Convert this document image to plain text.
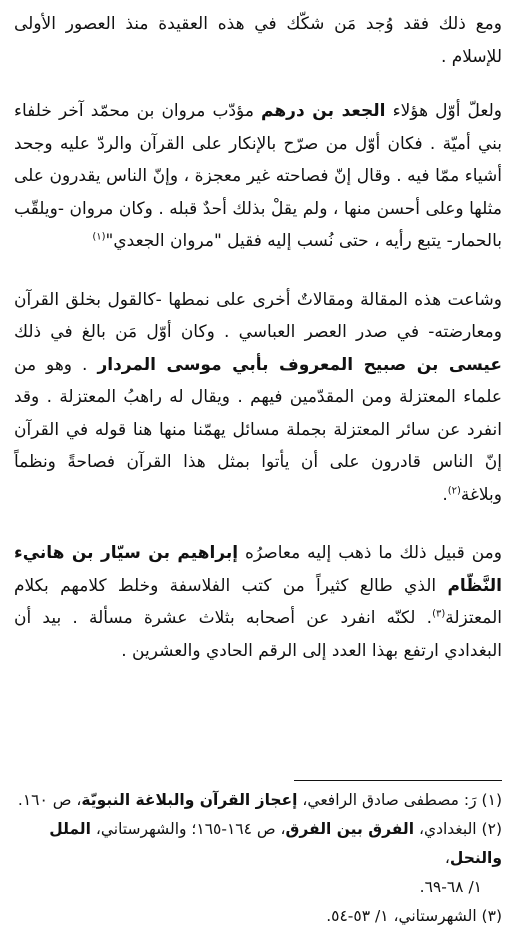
ومع ذلك فقد وُجد مَن شكّك في هذه العقيدة منذ العصور الأولى للإسلام .

ولعلّ أوّل هؤلاء الجعد بن درهم مؤدّب مروان بن محمّد آخر خلفاء بني أميّة . فكان أوّل من صرّح بالإنكار على القرآن والردّ عليه وجحد أشياء ممّا فيه . وقال إنّ فصاحته غير معجزة ، وإنّ الناس يقدرون على مثلها وعلى أحسن منها ، ولم يقلْ بذلك أحدٌ قبله . وكان مروان -ويلقّب بالحمار- يتبع رأيه ، حتى نُسب إليه فقيل "مروان الجعدي"$^{(١)}$

وشاعت هذه المقالة ومقالاتٌ أخرى على نمطها -كالقول بخلق القرآن ومعارضته- في صدر العصر العباسي . وكان أوّل مَن بالغ في ذلك عيسى بن صبيح المعروف بأبي موسى المردار . وهو من علماء المعتزلة ومن المقدّمين فيهم . ويقال له راهبُ المعتزلة . وقد انفرد عن سائر المعتزلة بجملة مسائل يهمّنا منها هنا قوله في القرآن إنّ الناس قادرون على أن يأتوا بمثل هذا القرآن فصاحةً ونظماً وبلاغة$^{(٢)}$.

ومن قبيل ذلك ما ذهب إليه معاصرُه إبراهيم بن سيّار بن هانيء النَّظّام الذي طالع كثيراً من كتب الفلاسفة وخلط كلامهم بكلام المعتزلة$^{(٣)}$. لكنّه انفرد عن أصحابه بثلاث عشرة مسألة . بيد أن البغدادي ارتفع بهذا العدد إلى الرقم الحادي والعشرين .

(١) رَ: مصطفى صادق الرافعي، إعجاز القرآن والبلاغة النبويّة، ص ١٦٠.

(٢) البغدادي، الفرق بين الفرق، ص ١٦٤-١٦٥؛ والشهرستاني، الملل والنحل،

١/ ٦٨-٦٩.

(٣) الشهرستاني، ١/ ٥٣-٥٤.
